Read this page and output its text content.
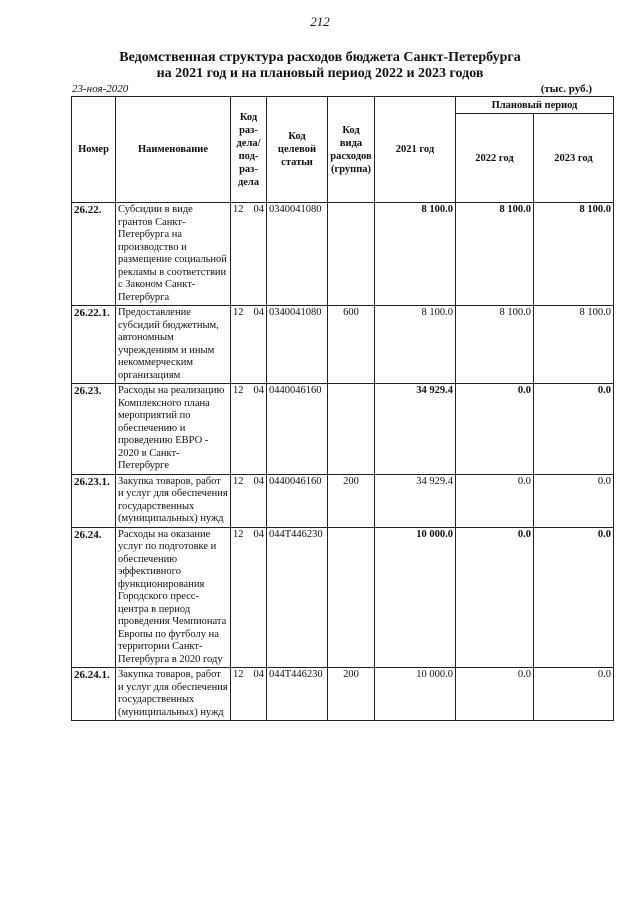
212
Ведомственная структура расходов бюджета Санкт-Петербурга
на 2021 год и на плановый период 2022 и 2023 годов
23-ноя-2020	(тыс. руб.)
Номер	Наименование	Код раз- дела/ под- раз- дела	Код целевой статьи	Код вида расходов (группа)	2021 год	Плановый период	
						2022 год	2023 год
26.22.	Субсидии в виде грантов Санкт-Петербурга на производство и размещение социальной рекламы в соответствии с Законом Санкт-Петербурга	12 04	0340041080		8 100.0	8 100.0	8 100.0
26.22.1.	Предоставление субсидий бюджетным, автономным учреждениям и иным некоммерческим организациям	12 04	0340041080	600	8 100.0	8 100.0	8 100.0
26.23.	Расходы на реализацию Комплексного плана мероприятий по обеспечению и проведению ЕВРО - 2020 в Санкт-Петербурге	12 04	0440046160		34 929.4	0.0	0.0
26.23.1.	Закупка товаров, работ и услуг для обеспечения государственных (муниципальных) нужд	12 04	0440046160	200	34 929.4	0.0	0.0
26.24.	Расходы на оказание услуг по подготовке и обеспечению эффективного функционирования Городского пресс-центра в период проведения Чемпионата Европы по футболу на территории Санкт-Петербурга в 2020 году	12 04	044T446230		10 000.0	0.0	0.0
26.24.1.	Закупка товаров, работ и услуг для обеспечения государственных (муниципальных) нужд	12 04	044T446230	200	10 000.0	0.0	0.0
